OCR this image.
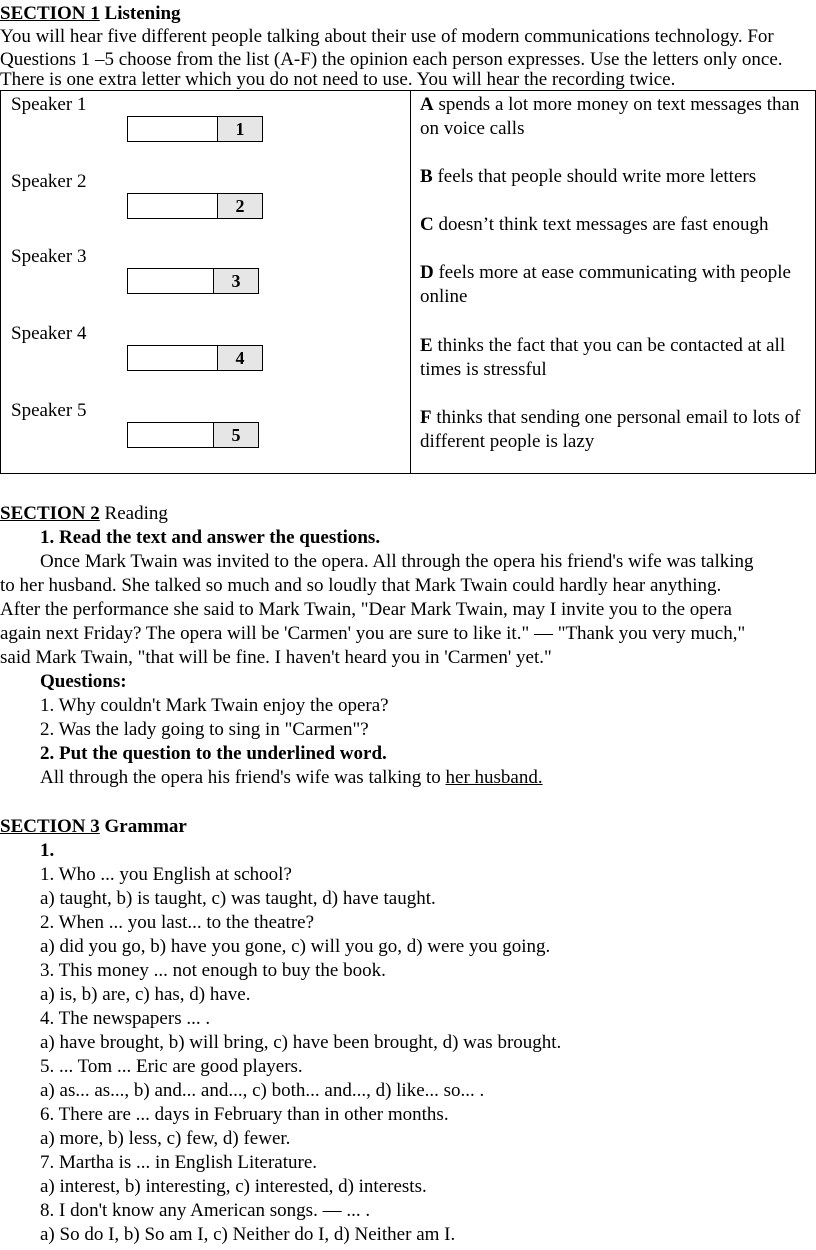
SECTION 1 Listening
You will hear five different people talking about their use of modern communications technology. For
Questions 1 –5 choose from the list (A-F) the opinion each person expresses. Use the letters only once.
There is one extra letter which you do not need to use. You will hear the recording twice.
Speaker 1
1
Speaker 2
2
Speaker 3
3
Speaker 4
4
Speaker 5
5
A spends a lot more money on text messages than on voice calls
B feels that people should write more letters
C doesn’t think text messages are fast enough
D feels more at ease communicating with people online
E thinks the fact that you can be contacted at all times is stressful
F thinks that sending one personal email to lots of different people is lazy
SECTION 2 Reading
1. Read the text and answer the questions.
Once Mark Twain was invited to the opera. All through the opera his friend's wife was talking
to her husband. She talked so much and so loudly that Mark Twain could hardly hear anything.
After the performance she said to Mark Twain, "Dear Mark Twain, may I invite you to the opera
again next Friday? The opera will be 'Carmen' you are sure to like it." — "Thank you very much,"
said Mark Twain, "that will be fine. I haven't heard you in 'Carmen' yet."
Questions:
1. Why couldn't Mark Twain enjoy the opera?
2. Was the lady going to sing in "Carmen"?
2. Put the question to the underlined word.
All through the opera his friend's wife was talking to her husband.
SECTION 3 Grammar
1.
1. Who ... you English at school?
a) taught, b) is taught, c) was taught, d) have taught.
2. When ... you last... to the theatre?
a) did you go, b) have you gone, c) will you go, d) were you going.
3. This money ... not enough to buy the book.
a) is, b) are, c) has, d) have.
4. The newspapers ... .
a) have brought, b) will bring, c) have been brought, d) was brought.
5. ... Tom ... Eric are good players.
a) as... as..., b) and... and..., c) both... and..., d) like... so... .
6. There are ... days in February than in other months.
a) more, b) less, c) few, d) fewer.
7. Martha is ... in English Literature.
a) interest, b) interesting, c) interested, d) interests.
8. I don't know any American songs. — ... .
a) So do I, b) So am I, c) Neither do I, d) Neither am I.
